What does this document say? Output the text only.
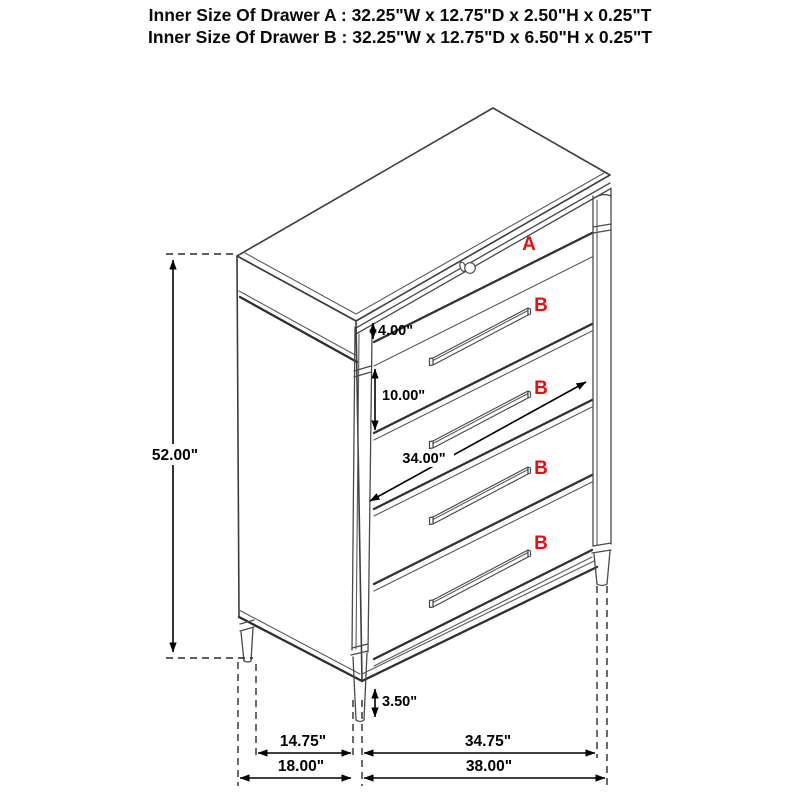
Inner Size Of Drawer A : 32.25"W x 12.75"D x 2.50"H x 0.25"T
Inner Size Of Drawer B : 32.25"W x 12.75"D x 6.50"H x 0.25"T
52.00"
4.00"
10.00"
34.00"
3.50"
14.75"	34.75"
18.00"	38.00"
A
B
B
B
B
